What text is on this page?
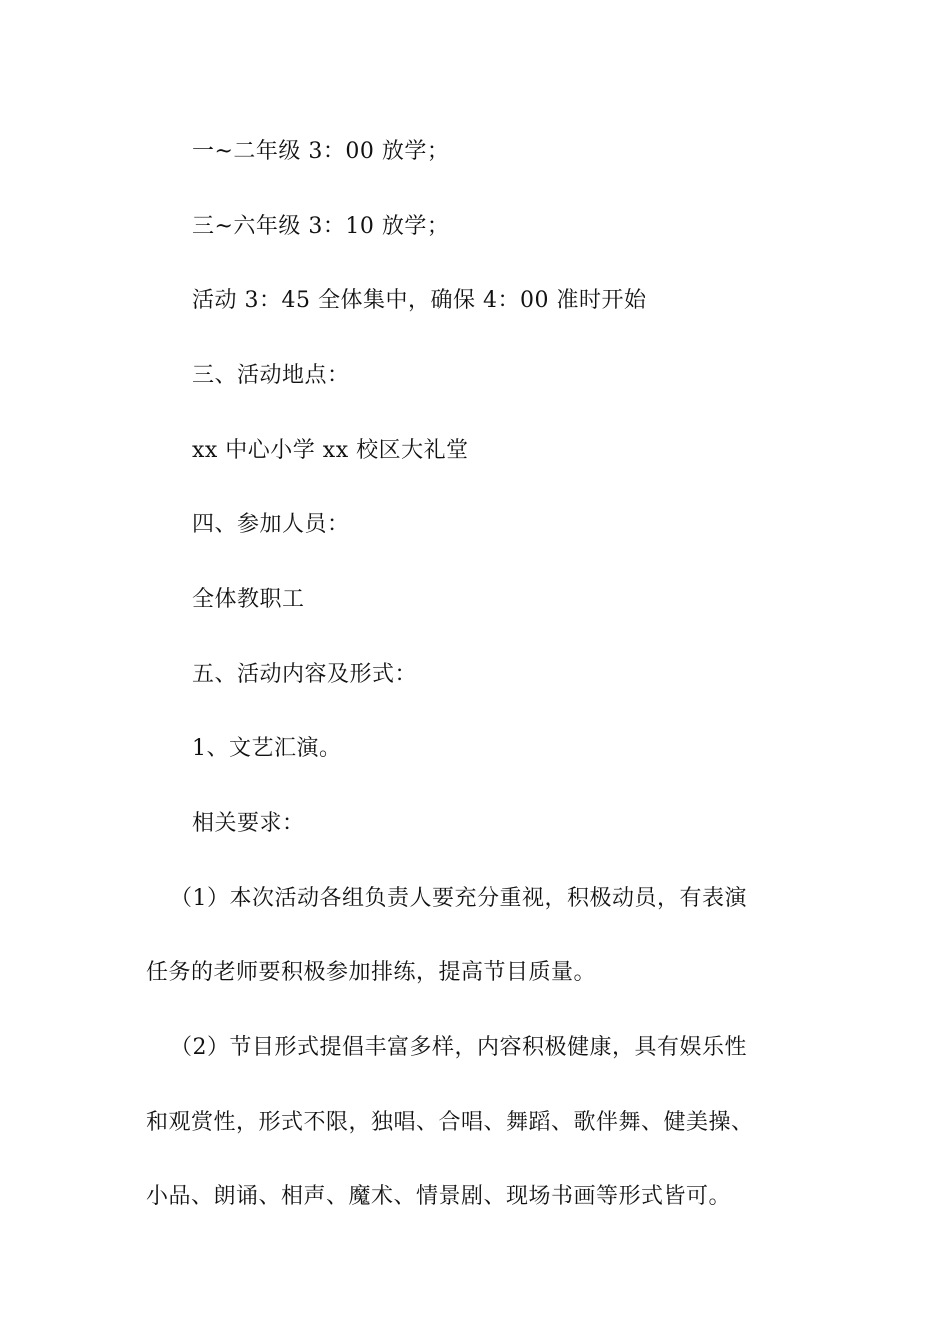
一~二年级 3：00 放学；
三~六年级 3：10 放学；
活动 3：45 全体集中，确保 4：00 准时开始
三、活动地点：
xx 中心小学 xx 校区大礼堂
四、参加人员：
全体教职工
五、活动内容及形式：
1、文艺汇演。
相关要求：
（1）本次活动各组负责人要充分重视，积极动员，有表演
任务的老师要积极参加排练，提高节目质量。
（2）节目形式提倡丰富多样，内容积极健康，具有娱乐性
和观赏性，形式不限，独唱、合唱、舞蹈、歌伴舞、健美操、
小品、朗诵、相声、魔术、情景剧、现场书画等形式皆可。
